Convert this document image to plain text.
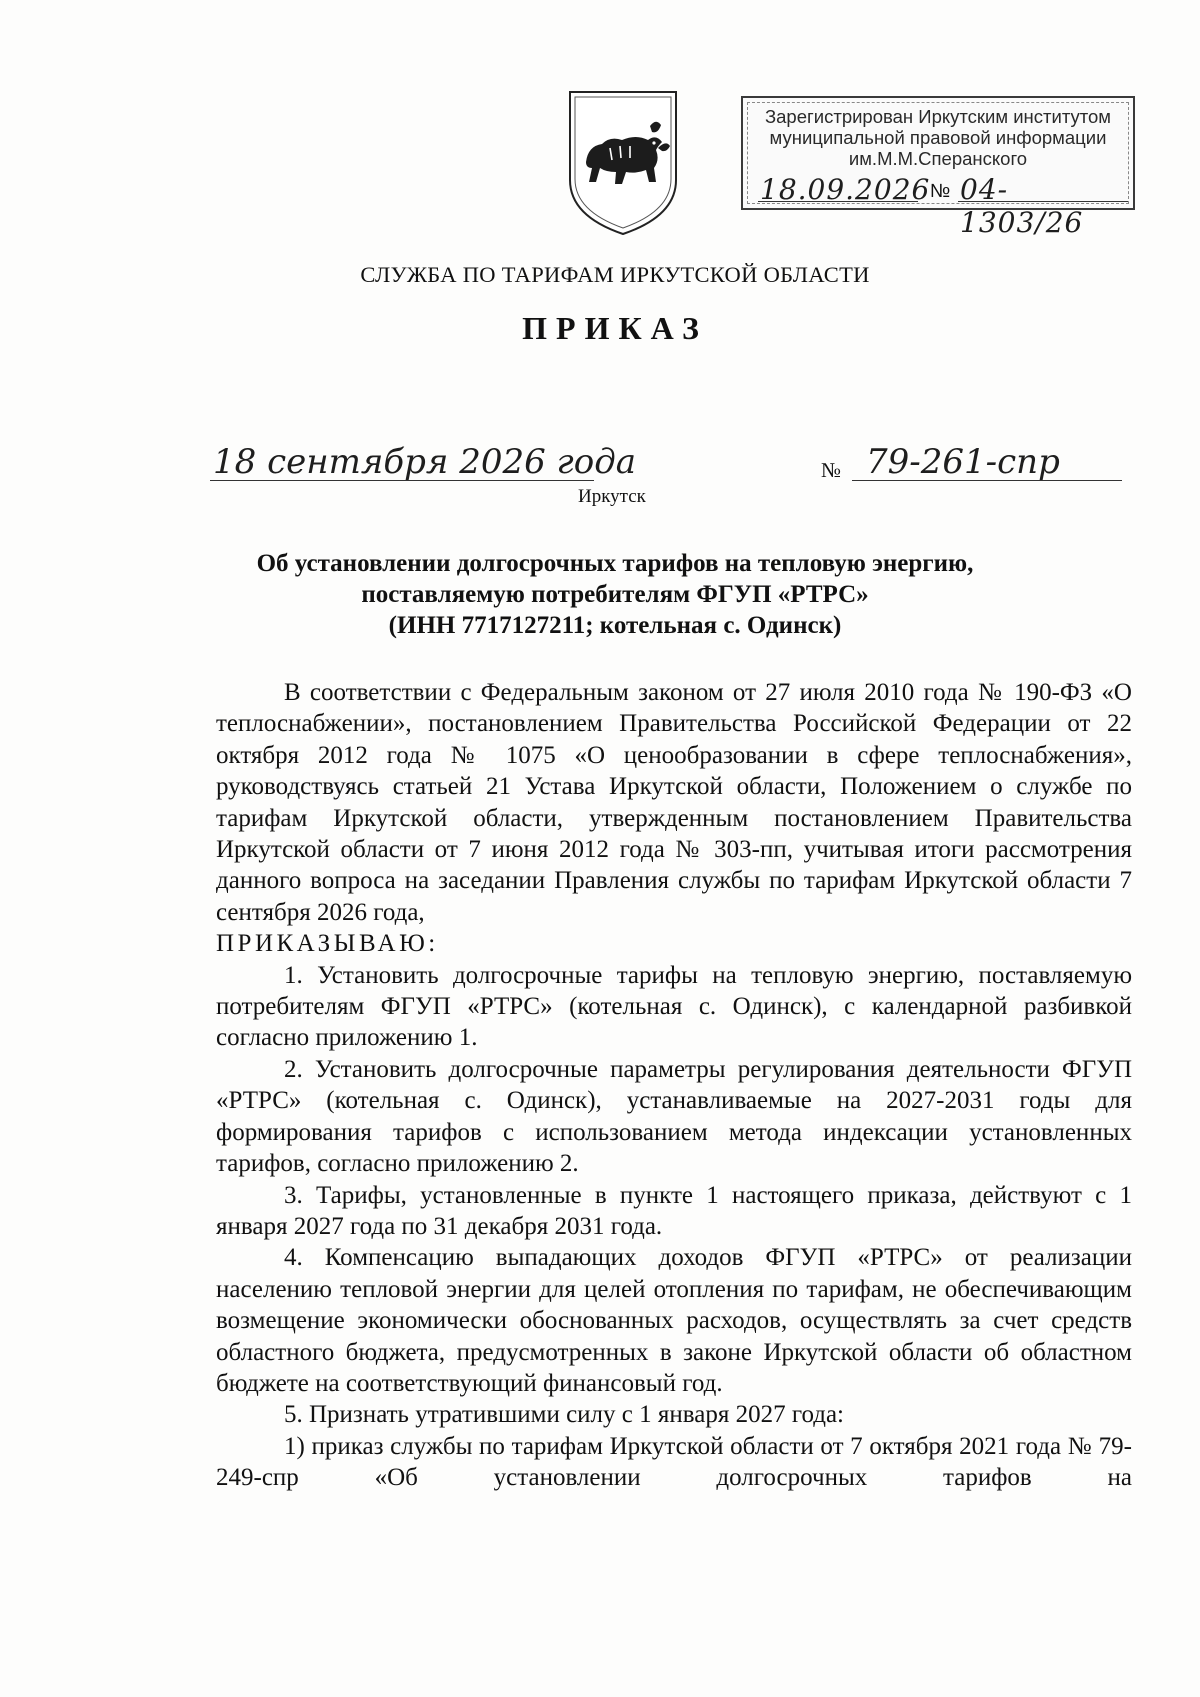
Зарегистрирован Иркутским институтом
муниципальной правовой информации
им.М.М.Сперанского
18.09.2026 № 04-1303/26
СЛУЖБА ПО ТАРИФАМ ИРКУТСКОЙ ОБЛАСТИ
ПРИКАЗ
18 сентября 2026 года	№ 79-261-спр
Иркутск
Об установлении долгосрочных тарифов на тепловую энергию,
поставляемую потребителям ФГУП «РТРС»
(ИНН 7717127211; котельная с. Одинск)

В соответствии с Федеральным законом от 27 июля 2010 года № 190-ФЗ «О теплоснабжении», постановлением Правительства Российской Федерации от 22 октября 2012 года № 1075 «О ценообразовании в сфере теплоснабжения», руководствуясь статьей 21 Устава Иркутской области, Положением о службе по тарифам Иркутской области, утвержденным постановлением Правительства Иркутской области от 7 июня 2012 года № 303-пп, учитывая итоги рассмотрения данного вопроса на заседании Правления службы по тарифам Иркутской области 7 сентября 2026 года,

ПРИКАЗЫВАЮ:

1. Установить долгосрочные тарифы на тепловую энергию, поставляемую потребителям ФГУП «РТРС» (котельная с. Одинск), с календарной разбивкой согласно приложению 1.

2. Установить долгосрочные параметры регулирования деятельности ФГУП «РТРС» (котельная с. Одинск), устанавливаемые на 2027-2031 годы для формирования тарифов с использованием метода индексации установленных тарифов, согласно приложению 2.

3. Тарифы, установленные в пункте 1 настоящего приказа, действуют с 1 января 2027 года по 31 декабря 2031 года.

4. Компенсацию выпадающих доходов ФГУП «РТРС» от реализации населению тепловой энергии для целей отопления по тарифам, не обеспечивающим возмещение экономически обоснованных расходов, осуществлять за счет средств областного бюджета, предусмотренных в законе Иркутской области об областном бюджете на соответствующий финансовый год.

5. Признать утратившими силу с 1 января 2027 года:

1) приказ службы по тарифам Иркутской области от 7 октября 2021 года № 79-249-спр «Об установлении долгосрочных тарифов на
